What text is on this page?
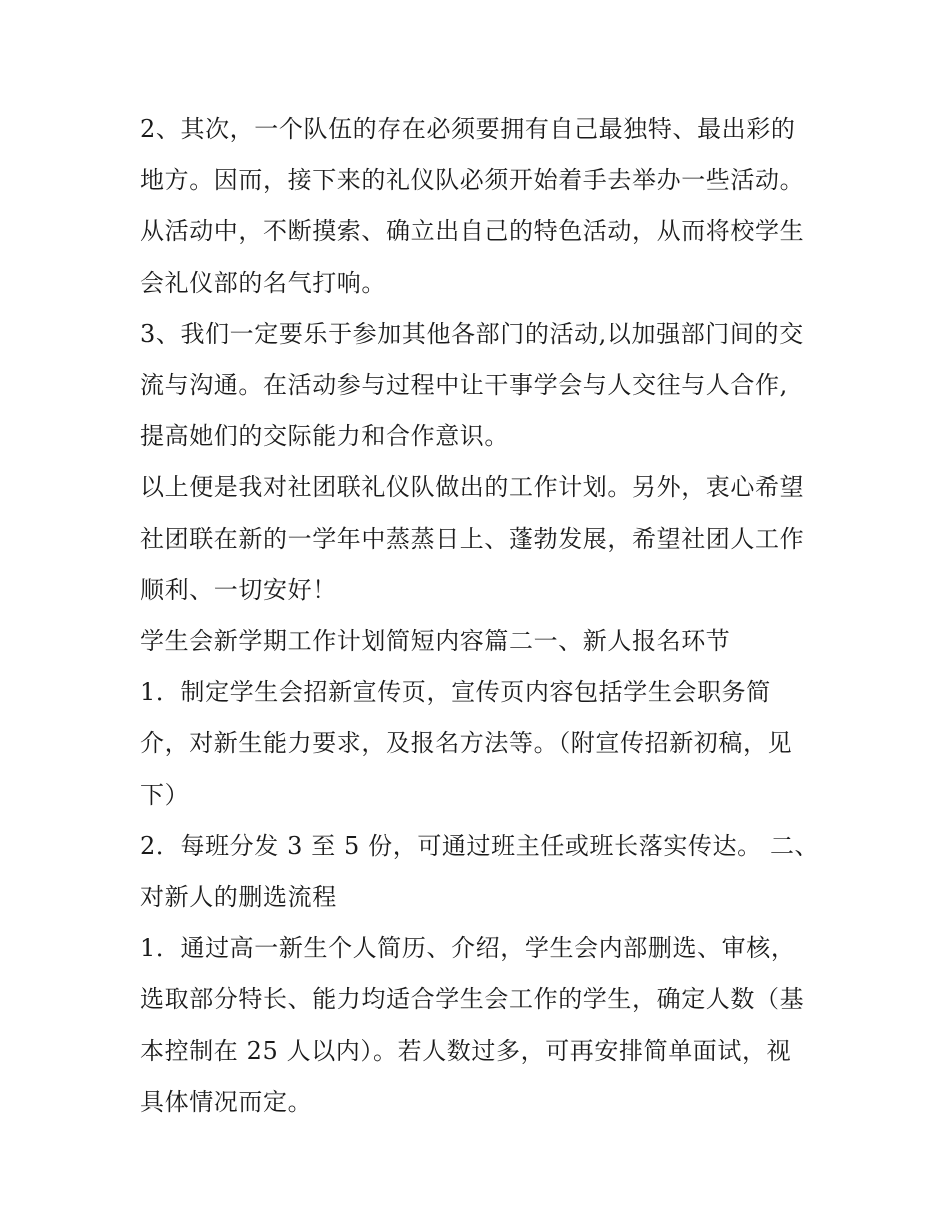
2、其次，一个队伍的存在必须要拥有自己最独特、最出彩的
地方。因而，接下来的礼仪队必须开始着手去举办一些活动。
从活动中，不断摸索、确立出自己的特色活动，从而将校学生
会礼仪部的名气打响。
3、我们一定要乐于参加其他各部门的活动,以加强部门间的交
流与沟通。在活动参与过程中让干事学会与人交往与人合作,
提高她们的交际能力和合作意识。
以上便是我对社团联礼仪队做出的工作计划。另外，衷心希望
社团联在新的一学年中蒸蒸日上、蓬勃发展，希望社团人工作
顺利、一切安好！
学生会新学期工作计划简短内容篇二一、新人报名环节
1．制定学生会招新宣传页，宣传页内容包括学生会职务简
介，对新生能力要求，及报名方法等。（附宣传招新初稿，见
下）
2．每班分发 3 至 5 份，可通过班主任或班长落实传达。 二、
对新人的删选流程
1．通过高一新生个人简历、介绍，学生会内部删选、审核，
选取部分特长、能力均适合学生会工作的学生，确定人数（基
本控制在 25 人以内）。若人数过多，可再安排简单面试，视
具体情况而定。
